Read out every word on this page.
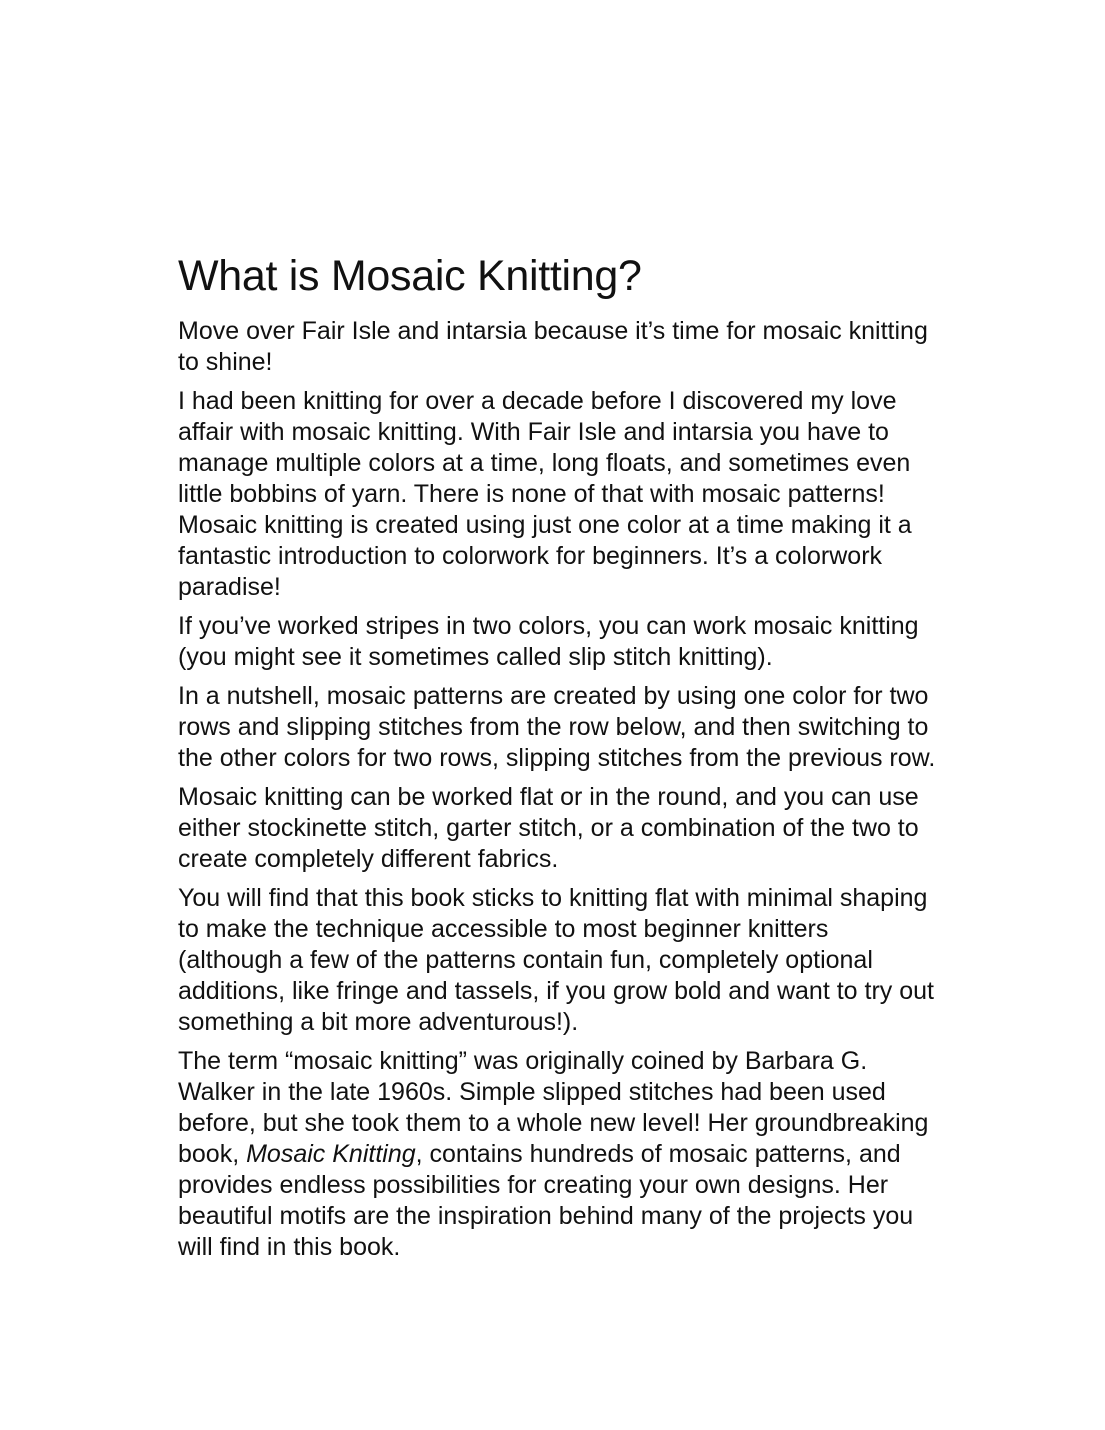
What is Mosaic Knitting?

Move over Fair Isle and intarsia because it’s time for mosaic knitting to shine!

I had been knitting for over a decade before I discovered my love affair with mosaic knitting. With Fair Isle and intarsia you have to manage multiple colors at a time, long floats, and sometimes even little bobbins of yarn. There is none of that with mosaic patterns! Mosaic knitting is created using just one color at a time making it a fantastic introduction to colorwork for beginners. It’s a colorwork paradise!

If you’ve worked stripes in two colors, you can work mosaic knitting (you might see it sometimes called slip stitch knitting).

In a nutshell, mosaic patterns are created by using one color for two rows and slipping stitches from the row below, and then switching to the other colors for two rows, slipping stitches from the previous row.

Mosaic knitting can be worked flat or in the round, and you can use either stockinette stitch, garter stitch, or a combination of the two to create completely different fabrics.

You will find that this book sticks to knitting flat with minimal shaping to make the technique accessible to most beginner knitters (although a few of the patterns contain fun, completely optional additions, like fringe and tassels, if you grow bold and want to try out something a bit more adventurous!).

The term “mosaic knitting” was originally coined by Barbara G. Walker in the late 1960s. Simple slipped stitches had been used before, but she took them to a whole new level! Her groundbreaking book, Mosaic Knitting, contains hundreds of mosaic patterns, and provides endless possibilities for creating your own designs. Her beautiful motifs are the inspiration behind many of the projects you will find in this book.
